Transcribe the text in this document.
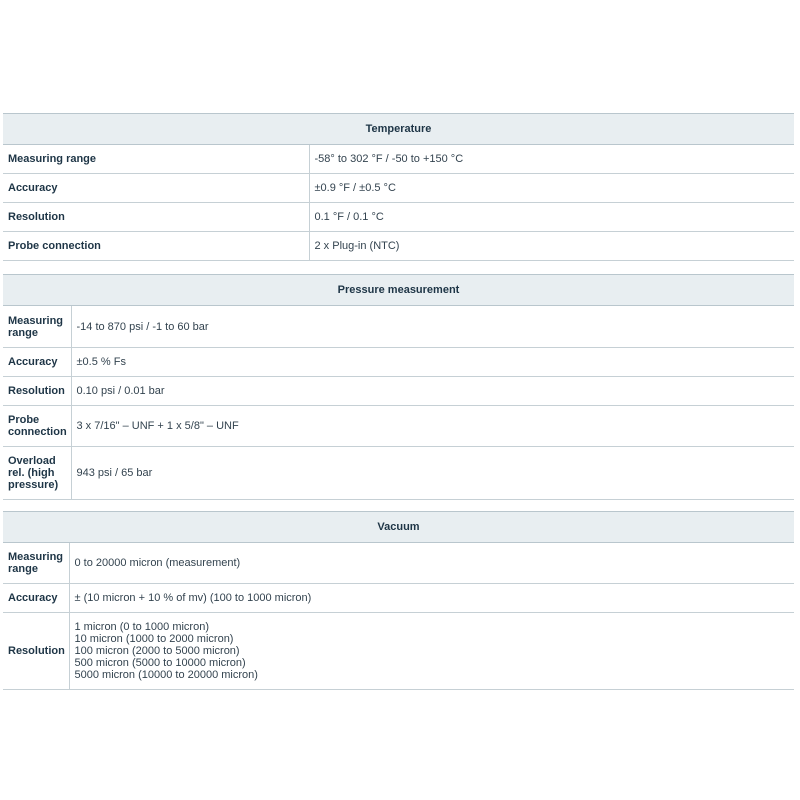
Temperature	
Measuring range	-58° to 302 °F / -50 to +150 °C
Accuracy	±0.9 °F / ±0.5 °C
Resolution	0.1 °F / 0.1 °C
Probe connection	2 x Plug-in (NTC)
Pressure measurement	
Measuring range	-14 to 870 psi / -1 to 60 bar
Accuracy	±0.5 % Fs
Resolution	0.10 psi / 0.01 bar
Probe connection	3 x 7/16" – UNF + 1 x 5/8" – UNF
Overload rel. (high pressure)	943 psi / 65 bar
Vacuum	
Measuring range	0 to 20000 micron (measurement)
Accuracy	± (10 micron + 10 % of mv) (100 to 1000 micron)
Resolution	1 micron (0 to 1000 micron)
10 micron (1000 to 2000 micron)
100 micron (2000 to 5000 micron)
500 micron (5000 to 10000 micron)
5000 micron (10000 to 20000 micron)
